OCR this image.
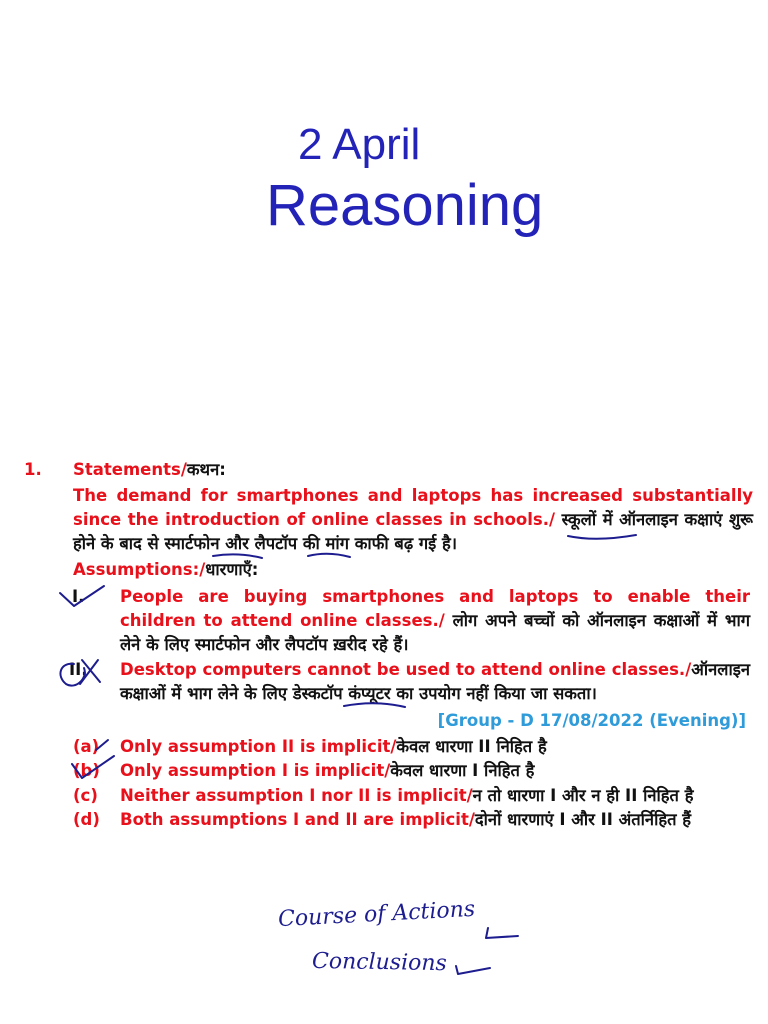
2 April
Reasoning
1. Statements/कथन:
The demand for smartphones and laptops has increased substantially since the introduction of online classes in schools./ स्कूलों में ऑनलाइन कक्षाएं शुरू होने के बाद से स्मार्टफोन और लैपटॉप की मांग काफी बढ़ गई है।
Assumptions:/धारणाएँ:
I. People are buying smartphones and laptops to enable their children to attend online classes./ लोग अपने बच्चों को ऑनलाइन कक्षाओं में भाग लेने के लिए स्मार्टफोन और लैपटॉप ख़रीद रहे हैं।
II. Desktop computers cannot be used to attend online classes./ऑनलाइन कक्षाओं में भाग लेने के लिए डेस्कटॉप कंप्यूटर का उपयोग नहीं किया जा सकता।
[Group - D 17/08/2022 (Evening)]
(a) Only assumption II is implicit/केवल धारणा II निहित है
(b) Only assumption I is implicit/केवल धारणा I निहित है
(c) Neither assumption I nor II is implicit/न तो धारणा I और न ही II निहित है
(d) Both assumptions I and II are implicit/दोनों धारणाएं I और II अंतर्निहित हैं
Course of Actions
Conclusions
